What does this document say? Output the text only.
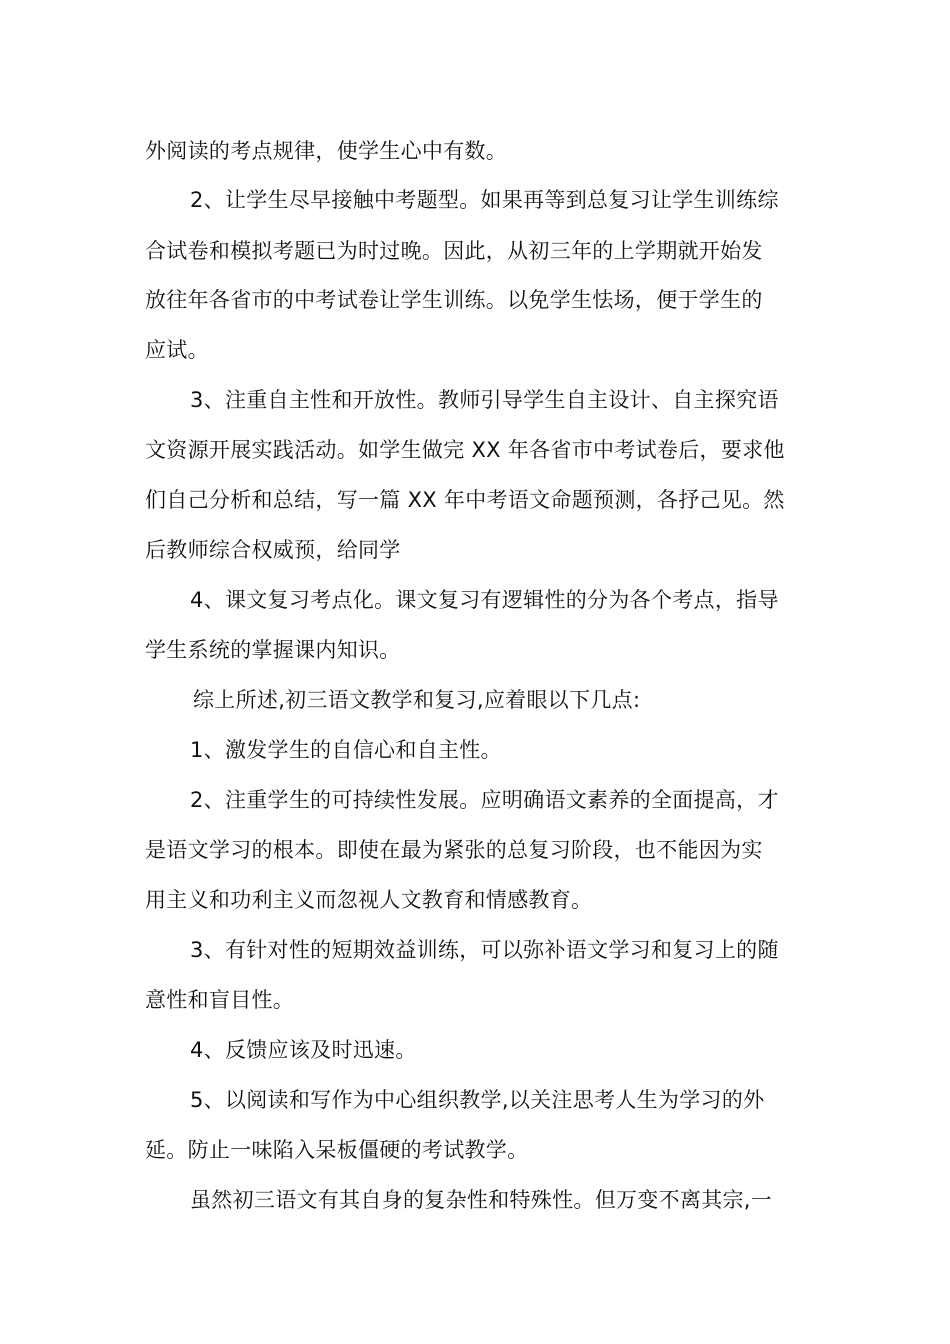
外阅读的考点规律，使学生心中有数。
2、让学生尽早接触中考题型。如果再等到总复习让学生训练综
合试卷和模拟考题已为时过晚。因此，从初三年的上学期就开始发
放往年各省市的中考试卷让学生训练。以免学生怯场，便于学生的
应试。
3、注重自主性和开放性。教师引导学生自主设计、自主探究语
文资源开展实践活动。如学生做完 XX 年各省市中考试卷后，要求他
们自己分析和总结，写一篇 XX 年中考语文命题预测，各抒己见。然
后教师综合权威预，给同学
4、课文复习考点化。课文复习有逻辑性的分为各个考点，指导
学生系统的掌握课内知识。
综上所述,初三语文教学和复习,应着眼以下几点:
1、激发学生的自信心和自主性。
2、注重学生的可持续性发展。应明确语文素养的全面提高，才
是语文学习的根本。即使在最为紧张的总复习阶段，也不能因为实
用主义和功利主义而忽视人文教育和情感教育。
3、有针对性的短期效益训练，可以弥补语文学习和复习上的随
意性和盲目性。
4、反馈应该及时迅速。
5、以阅读和写作为中心组织教学,以关注思考人生为学习的外
延。防止一味陷入呆板僵硬的考试教学。
虽然初三语文有其自身的复杂性和特殊性。但万变不离其宗,一
